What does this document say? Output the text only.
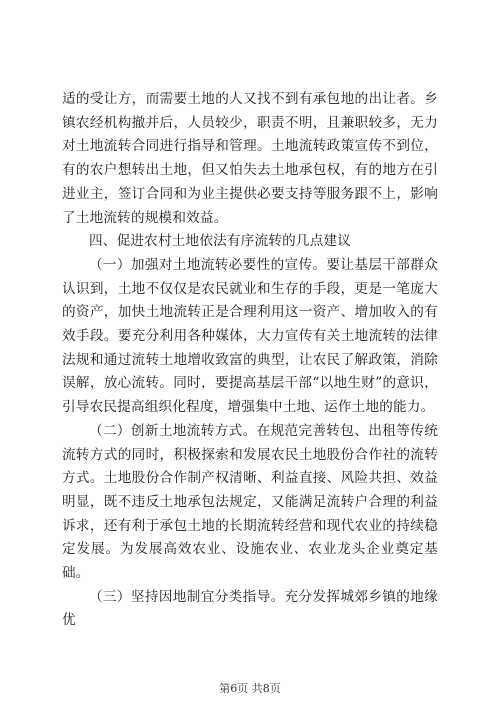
适的受让方，而需要土地的人又找不到有承包地的出让者。乡镇农经机构撤并后，人员较少，职责不明，且兼职较多，无力对土地流转合同进行指导和管理。土地流转政策宣传不到位，有的农户想转出土地，但又怕失去土地承包权，有的地方在引进业主，签订合同和为业主提供必要支持等服务跟不上，影响了土地流转的规模和效益。

四、促进农村土地依法有序流转的几点建议

（一）加强对土地流转必要性的宣传。要让基层干部群众认识到，土地不仅仅是农民就业和生存的手段，更是一笔庞大的资产，加快土地流转正是合理利用这一资产、增加收入的有效手段。要充分利用各种媒体，大力宣传有关土地流转的法律法规和通过流转土地增收致富的典型，让农民了解政策，消除误解，放心流转。同时，要提高基层干部“以地生财”的意识，引导农民提高组织化程度，增强集中土地、运作土地的能力。

（二）创新土地流转方式。在规范完善转包、出租等传统流转方式的同时，积极探索和发展农民土地股份合作社的流转方式。土地股份合作制产权清晰、利益直接、风险共担、效益明显，既不违反土地承包法规定，又能满足流转户合理的利益诉求，还有利于承包土地的长期流转经营和现代农业的持续稳定发展。为发展高效农业、设施农业、农业龙头企业奠定基础。

（三）坚持因地制宜分类指导。充分发挥城郊乡镇的地缘优

第6页 共8页
